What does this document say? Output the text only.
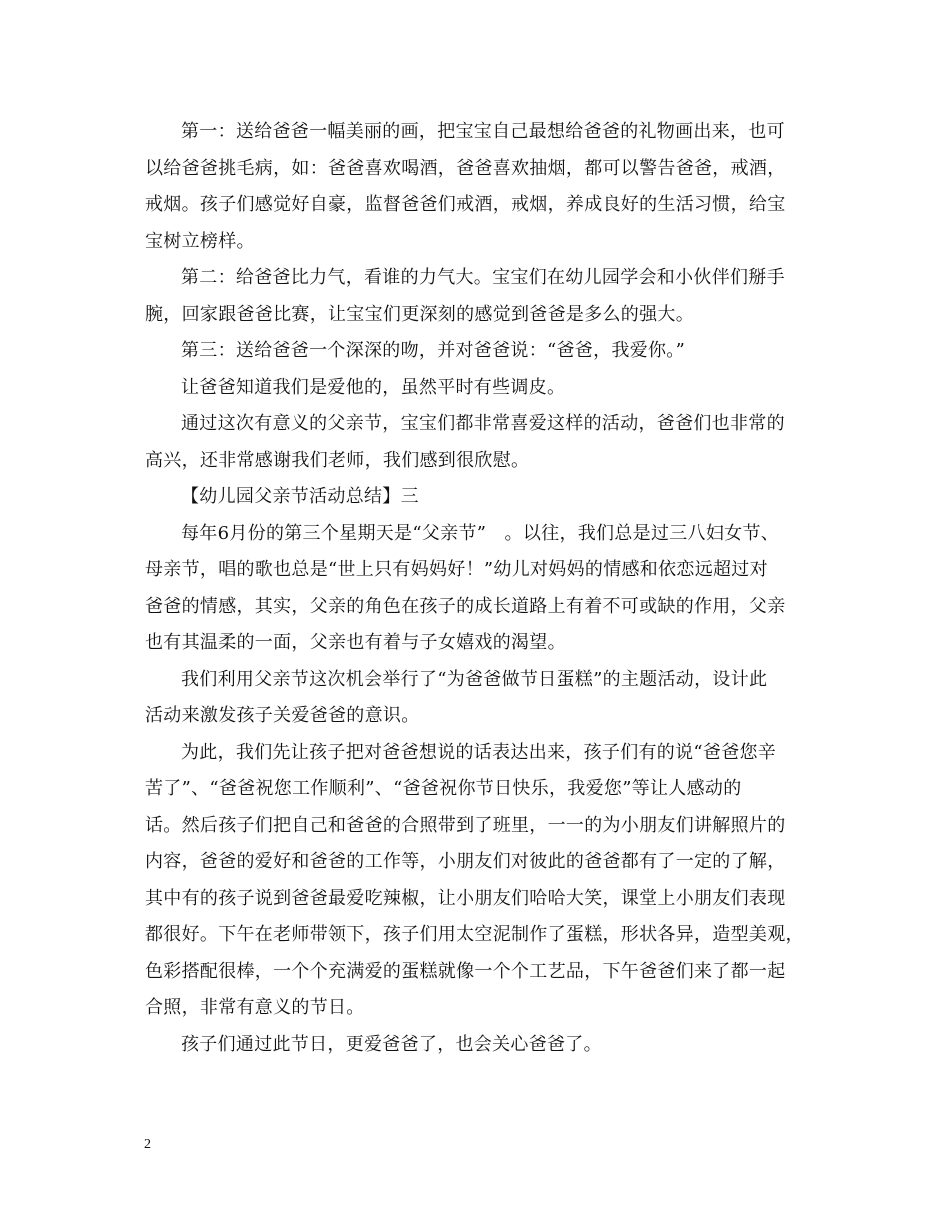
第一：送给爸爸一幅美丽的画，把宝宝自己最想给爸爸的礼物画出来，也可
以给爸爸挑毛病，如：爸爸喜欢喝酒，爸爸喜欢抽烟，都可以警告爸爸，戒酒，
戒烟。孩子们感觉好自豪，监督爸爸们戒酒，戒烟，养成良好的生活习惯，给宝
宝树立榜样。

第二：给爸爸比力气，看谁的力气大。宝宝们在幼儿园学会和小伙伴们掰手
腕，回家跟爸爸比赛，让宝宝们更深刻的感觉到爸爸是多么的强大。

第三：送给爸爸一个深深的吻，并对爸爸说：“爸爸，我爱你。”

让爸爸知道我们是爱他的，虽然平时有些调皮。

通过这次有意义的父亲节，宝宝们都非常喜爱这样的活动，爸爸们也非常的
高兴，还非常感谢我们老师，我们感到很欣慰。

【幼儿园父亲节活动总结】三

每年6月份的第三个星期天是“父亲节”　。以往，我们总是过三八妇女节、
母亲节，唱的歌也总是“世上只有妈妈好！”幼儿对妈妈的情感和依恋远超过对
爸爸的情感，其实，父亲的角色在孩子的成长道路上有着不可或缺的作用，父亲
也有其温柔的一面，父亲也有着与子女嬉戏的渴望。

我们利用父亲节这次机会举行了“为爸爸做节日蛋糕”的主题活动，设计此
活动来激发孩子关爱爸爸的意识。

为此，我们先让孩子把对爸爸想说的话表达出来，孩子们有的说“爸爸您辛
苦了”、“爸爸祝您工作顺利”、“爸爸祝你节日快乐，我爱您”等让人感动的
话。然后孩子们把自己和爸爸的合照带到了班里，一一的为小朋友们讲解照片的
内容，爸爸的爱好和爸爸的工作等，小朋友们对彼此的爸爸都有了一定的了解，
其中有的孩子说到爸爸最爱吃辣椒，让小朋友们哈哈大笑，课堂上小朋友们表现
都很好。下午在老师带领下，孩子们用太空泥制作了蛋糕，形状各异，造型美观，
色彩搭配很棒，一个个充满爱的蛋糕就像一个个工艺品，下午爸爸们来了都一起
合照，非常有意义的节日。

孩子们通过此节日，更爱爸爸了，也会关心爸爸了。

2
